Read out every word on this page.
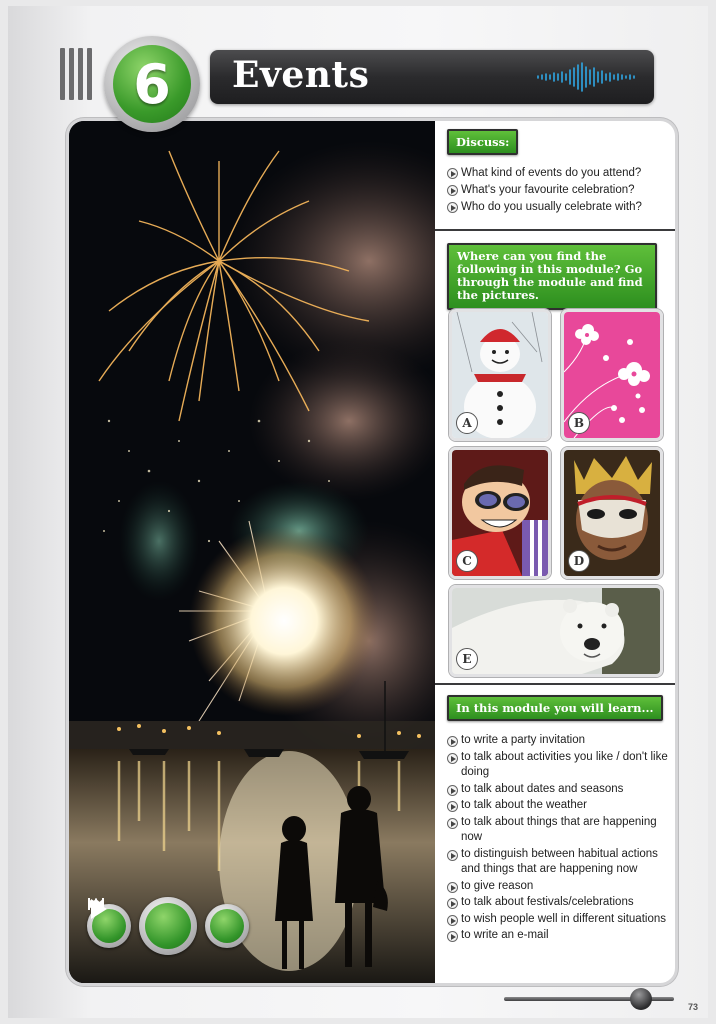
6	Events
Discuss:
What kind of events do you attend?
What's your favourite celebration?
Who do you usually celebrate with?
Where can you find the following in this module? Go through the module and find the pictures.
A	B
C	D
E
In this module you will learn...
to write a party invitation
to talk about activities you like / don't like doing
to talk about dates and seasons
to talk about the weather
to talk about things that are happening now
to distinguish between habitual actions and things that are happening now
to give reason
to talk about festivals/celebrations
to wish people well in different situations
to write an e-mail
73
